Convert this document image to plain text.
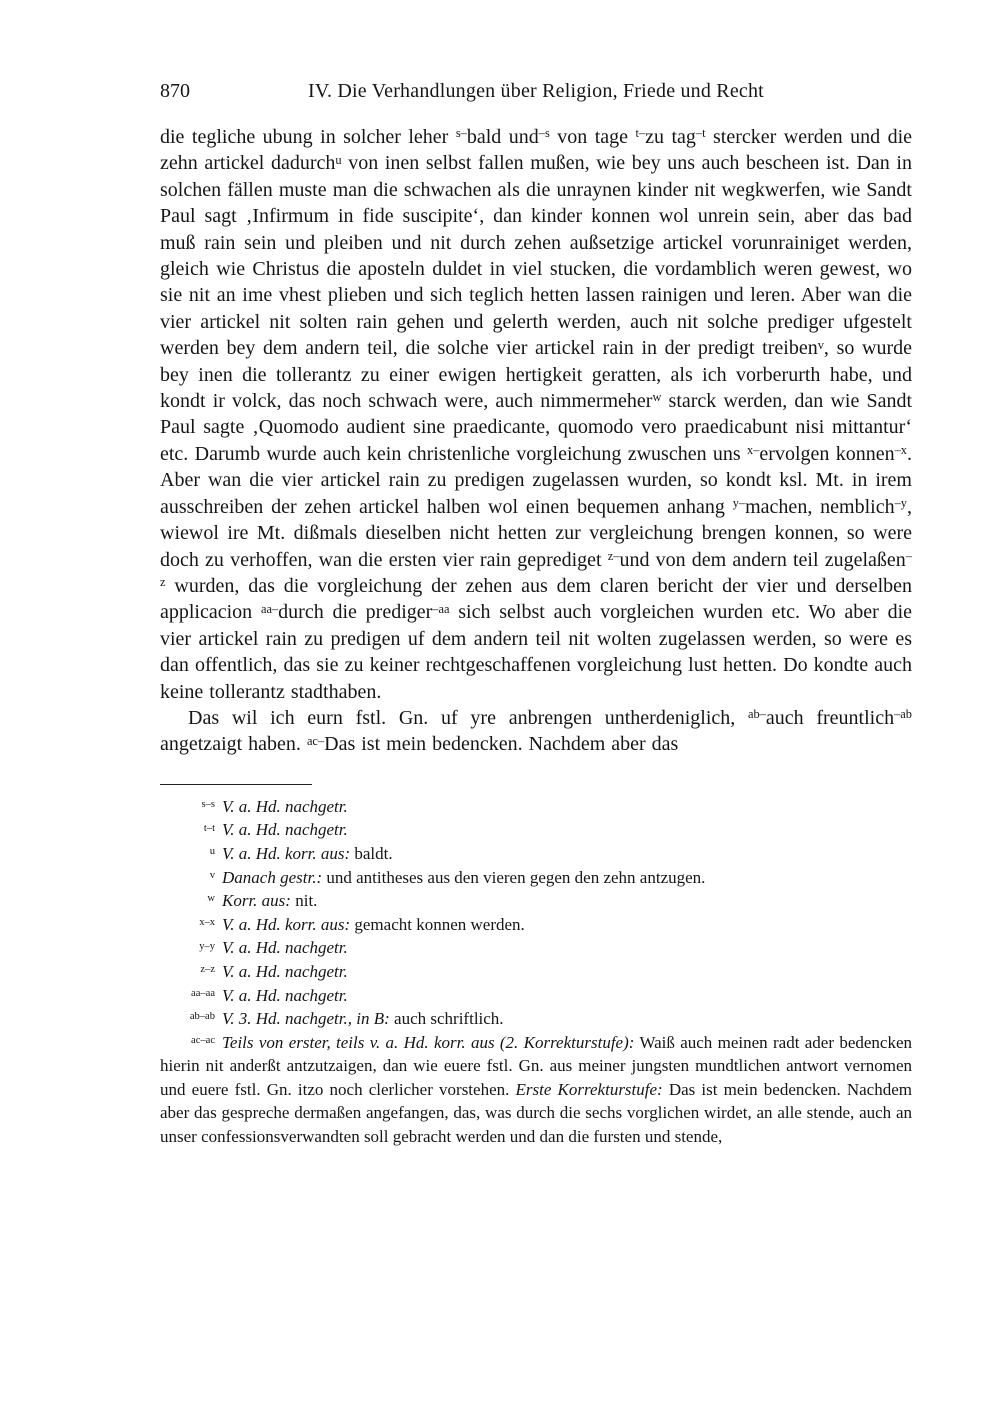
870	IV. Die Verhandlungen über Religion, Friede und Recht

die tegliche ubung in solcher leher $^{s-}$bald und$^{-s}$ von tage $^{t-}$zu tag$^{-t}$ stercker werden und die zehn artickel dadurch$^u$ von inen selbst fallen mußen, wie bey uns auch bescheen ist. Dan in solchen fällen muste man die schwachen als die unraynen kinder nit wegkwerfen, wie Sandt Paul sagt ‚Infirmum in fide suscipite‘, dan kinder konnen wol unrein sein, aber das bad muß rain sein und pleiben und nit durch zehen außsetzige artickel vorunrainiget werden, gleich wie Christus die aposteln duldet in viel stucken, die vordamblich weren gewest, wo sie nit an ime vhest plieben und sich teglich hetten lassen rainigen und leren. Aber wan die vier artickel nit solten rain gehen und gelerth werden, auch nit solche prediger ufgestelt werden bey dem andern teil, die solche vier artickel rain in der predigt treiben$^v$, so wurde bey inen die tollerantz zu einer ewigen hertigkeit geratten, als ich vorberurth habe, und kondt ir volck, das noch schwach were, auch nimmermeher$^w$ starck werden, dan wie Sandt Paul sagte ‚Quomodo audient sine praedicante, quomodo vero praedicabunt nisi mittantur‘ etc. Darumb wurde auch kein christenliche vorgleichung zwuschen uns $^{x-}$ervolgen konnen$^{-x}$. Aber wan die vier artickel rain zu predigen zugelassen wurden, so kondt ksl. Mt. in irem ausschreiben der zehen artickel halben wol einen bequemen anhang $^{y-}$machen, nemblich$^{-y}$, wiewol ire Mt. dißmals dieselben nicht hetten zur vergleichung brengen konnen, so were doch zu verhoffen, wan die ersten vier rain geprediget $^{z-}$und von dem andern teil zugelaßen$^{-z}$ wurden, das die vorgleichung der zehen aus dem claren bericht der vier und derselben applicacion $^{aa-}$durch die prediger$^{-aa}$ sich selbst auch vorgleichen wurden etc. Wo aber die vier artickel rain zu predigen uf dem andern teil nit wolten zugelassen werden, so were es dan offentlich, das sie zu keiner rechtgeschaffenen vorgleichung lust hetten. Do kondte auch keine tollerantz stadthaben.

Das wil ich eurn fstl. Gn. uf yre anbrengen untherdeniglich, $^{ab-}$auch freuntlich$^{-ab}$ angetzaigt haben. $^{ac-}$Das ist mein bedencken. Nachdem aber das

$^{s-s}$ V. a. Hd. nachgetr.
$^{t-t}$ V. a. Hd. nachgetr.
$^u$ V. a. Hd. korr. aus: baldt.
$^v$ Danach gestr.: und antitheses aus den vieren gegen den zehn antzugen.
$^w$ Korr. aus: nit.
$^{x-x}$ V. a. Hd. korr. aus: gemacht konnen werden.
$^{y-y}$ V. a. Hd. nachgetr.
$^{z-z}$ V. a. Hd. nachgetr.
$^{aa-aa}$ V. a. Hd. nachgetr.
$^{ab-ab}$ V. 3. Hd. nachgetr., in B: auch schriftlich.
$^{ac-ac}$ Teils von erster, teils v. a. Hd. korr. aus (2. Korrekturstufe): Waiß auch meinen radt ader bedencken hierin nit anderßt antzutzaigen, dan wie euere fstl. Gn. aus meiner jungsten mundtlichen antwort vernomen und euere fstl. Gn. itzo noch clerlicher vorstehen. Erste Korrekturstufe: Das ist mein bedencken. Nachdem aber das gespreche dermaßen angefangen, das, was durch die sechs vorglichen wirdet, an alle stende, auch an unser confessionsverwandten soll gebracht werden und dan die fursten und stende,
